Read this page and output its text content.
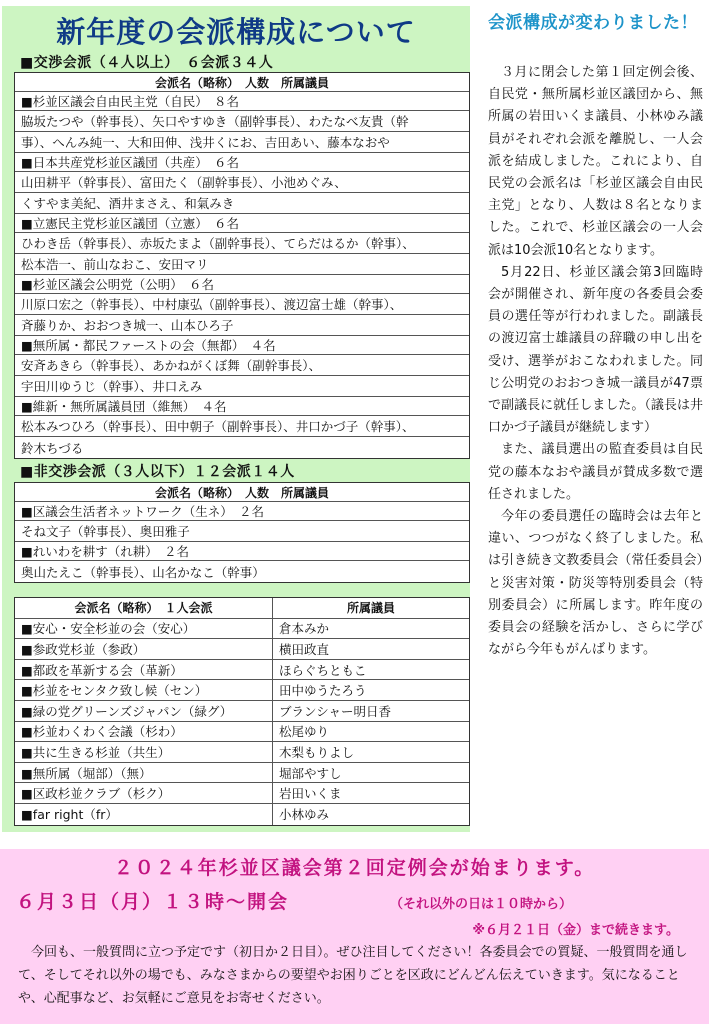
新年度の会派構成について
■交渉会派（４人以上）　６会派３４人
会派名（略称）　人数　所属議員
■杉並区議会自由民主党（自民）　８名
脇坂たつや（幹事長）、矢口やすゆき（副幹事長）、わたなべ友貴（幹
事）、へんみ純一、大和田伸、浅井くにお、吉田あい、藤本なおや
■日本共産党杉並区議団（共産）　６名
山田耕平（幹事長）、富田たく（副幹事長）、小池めぐみ、
くすやま美紀、酒井まさえ、和氣みき
■立憲民主党杉並区議団（立憲）　６名
ひわき岳（幹事長）、赤坂たまよ（副幹事長）、てらだはるか（幹事）、
松本浩一、前山なおこ、安田マリ
■杉並区議会公明党（公明）　６名
川原口宏之（幹事長）、中村康弘（副幹事長）、渡辺富士雄（幹事）、
斉藤りか、おおつき城一、山本ひろ子
■無所属・都民ファーストの会（無都）　４名
安斉あきら（幹事長）、あかねがくぼ舞（副幹事長）、
宇田川ゆうじ（幹事）、井口えみ
■維新・無所属議員団（維無）　４名
松本みつひろ（幹事長）、田中朝子（副幹事長）、井口かづ子（幹事）、
鈴木ちづる
■非交渉会派（３人以下）１２会派１４人
会派名（略称）　人数　所属議員
■区議会生活者ネットワーク（生ネ）　２名
そね文子（幹事長）、奥田雅子
■れいわを耕す（れ耕）　２名
奥山たえこ（幹事長）、山名かなこ（幹事）
会派名（略称）　１人会派	所属議員
■安心・安全杉並の会（安心）	倉本みか
■参政党杉並（参政）	横田政直
■都政を革新する会（革新）	ほらぐちともこ
■杉並をセンタク致し候（セン）	田中ゆうたろう
■緑の党グリーンズジャパン（緑グ）	ブランシャー明日香
■杉並わくわく会議（杉わ）	松尾ゆり
■共に生きる杉並（共生）	木梨もりよし
■無所属（堀部）（無）	堀部やすし
■区政杉並クラブ（杉ク）	岩田いくま
■far right（fr）	小林ゆみ
会派構成が変わりました！

３月に閉会した第１回定例会後、自民党・無所属杉並区議団から、無所属の岩田いくま議員、小林ゆみ議員がそれぞれ会派を離脱し、一人会派を結成しました。これにより、自民党の会派名は「杉並区議会自由民主党」となり、人数は８名となりました。これで、杉並区議会の一人会派は10会派10名となります。

5月22日、杉並区議会第3回臨時会が開催され、新年度の各委員会委員の選任等が行われました。副議長の渡辺富士雄議員の辞職の申し出を受け、選挙がおこなわれました。同じ公明党のおおつき城一議員が47票で副議長に就任しました。（議長は井口かづ子議員が継続します）

また、議員選出の監査委員は自民党の藤本なおや議員が賛成多数で選任されました。

今年の委員選任の臨時会は去年と違い、つつがなく終了しました。私は引き続き文教委員会（常任委員会）と災害対策・防災等特別委員会（特別委員会）に所属します。昨年度の委員会の経験を活かし、さらに学びながら今年もがんばります。

２０２４年杉並区議会第２回定例会が始まります。
６月３日（月）１３時～開会	（それ以外の日は１０時から）
※６月２１日（金）まで続きます。
今回も、一般質問に立つ予定です（初日か２日目）。ぜひ注目してください！各委員会での質疑、一般質問を通して、そしてそれ以外の場でも、みなさまからの要望やお困りごとを区政にどんどん伝えていきます。気になることや、心配事など、お気軽にご意見をお寄せください。
